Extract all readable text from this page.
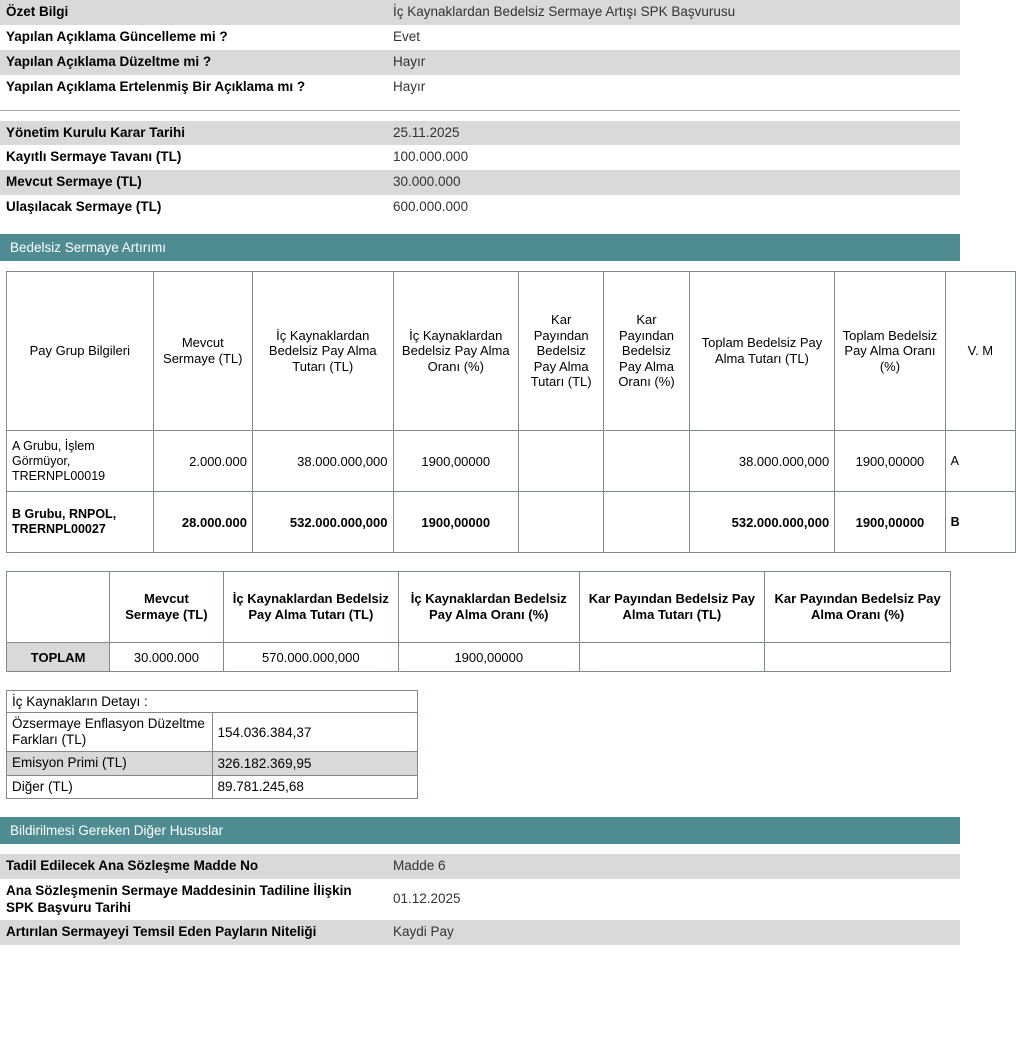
Özet Bilgi	İç Kaynaklardan Bedelsiz Sermaye Artışı SPK Başvurusu
Yapılan Açıklama Güncelleme mi ?	Evet
Yapılan Açıklama Düzeltme mi ?	Hayır
Yapılan Açıklama Ertelenmiş Bir Açıklama mı ?	Hayır
Yönetim Kurulu Karar Tarihi	25.11.2025
Kayıtlı Sermaye Tavanı (TL)	100.000.000
Mevcut Sermaye (TL)	30.000.000
Ulaşılacak Sermaye (TL)	600.000.000
Bedelsiz Sermaye Artırımı
Pay Grup Bilgileri	Mevcut Sermaye (TL)	İç Kaynaklardan Bedelsiz Pay Alma Tutarı (TL)	İç Kaynaklardan Bedelsiz Pay Alma Oranı (%)	Kar Payından Bedelsiz Pay Alma Tutarı (TL)	Kar Payından Bedelsiz Pay Alma Oranı (%)	Toplam Bedelsiz Pay Alma Tutarı (TL)	Toplam Bedelsiz Pay Alma Oranı (%)	V. M
A Grubu, İşlem Görmüyor, TRERNPL00019	2.000.000	38.000.000,000	1900,00000			38.000.000,000	1900,00000	A
B Grubu, RNPOL, TRERNPL00027	28.000.000	532.000.000,000	1900,00000			532.000.000,000	1900,00000	B
	Mevcut Sermaye (TL)	İç Kaynaklardan Bedelsiz Pay Alma Tutarı (TL)	İç Kaynaklardan Bedelsiz Pay Alma Oranı (%)	Kar Payından Bedelsiz Pay Alma Tutarı (TL)	Kar Payından Bedelsiz Pay Alma Oranı (%)
TOPLAM	30.000.000	570.000.000,000	1900,00000		
İç Kaynakların Detayı :	
Özsermaye Enflasyon Düzeltme Farkları (TL)	154.036.384,37
Emisyon Primi (TL)	326.182.369,95
Diğer (TL)	89.781.245,68
Bildirilmesi Gereken Diğer Hususlar
Tadil Edilecek Ana Sözleşme Madde No	Madde 6
Ana Sözleşmenin Sermaye Maddesinin Tadiline İlişkin SPK Başvuru Tarihi	01.12.2025
Artırılan Sermayeyi Temsil Eden Payların Niteliği	Kaydi Pay
